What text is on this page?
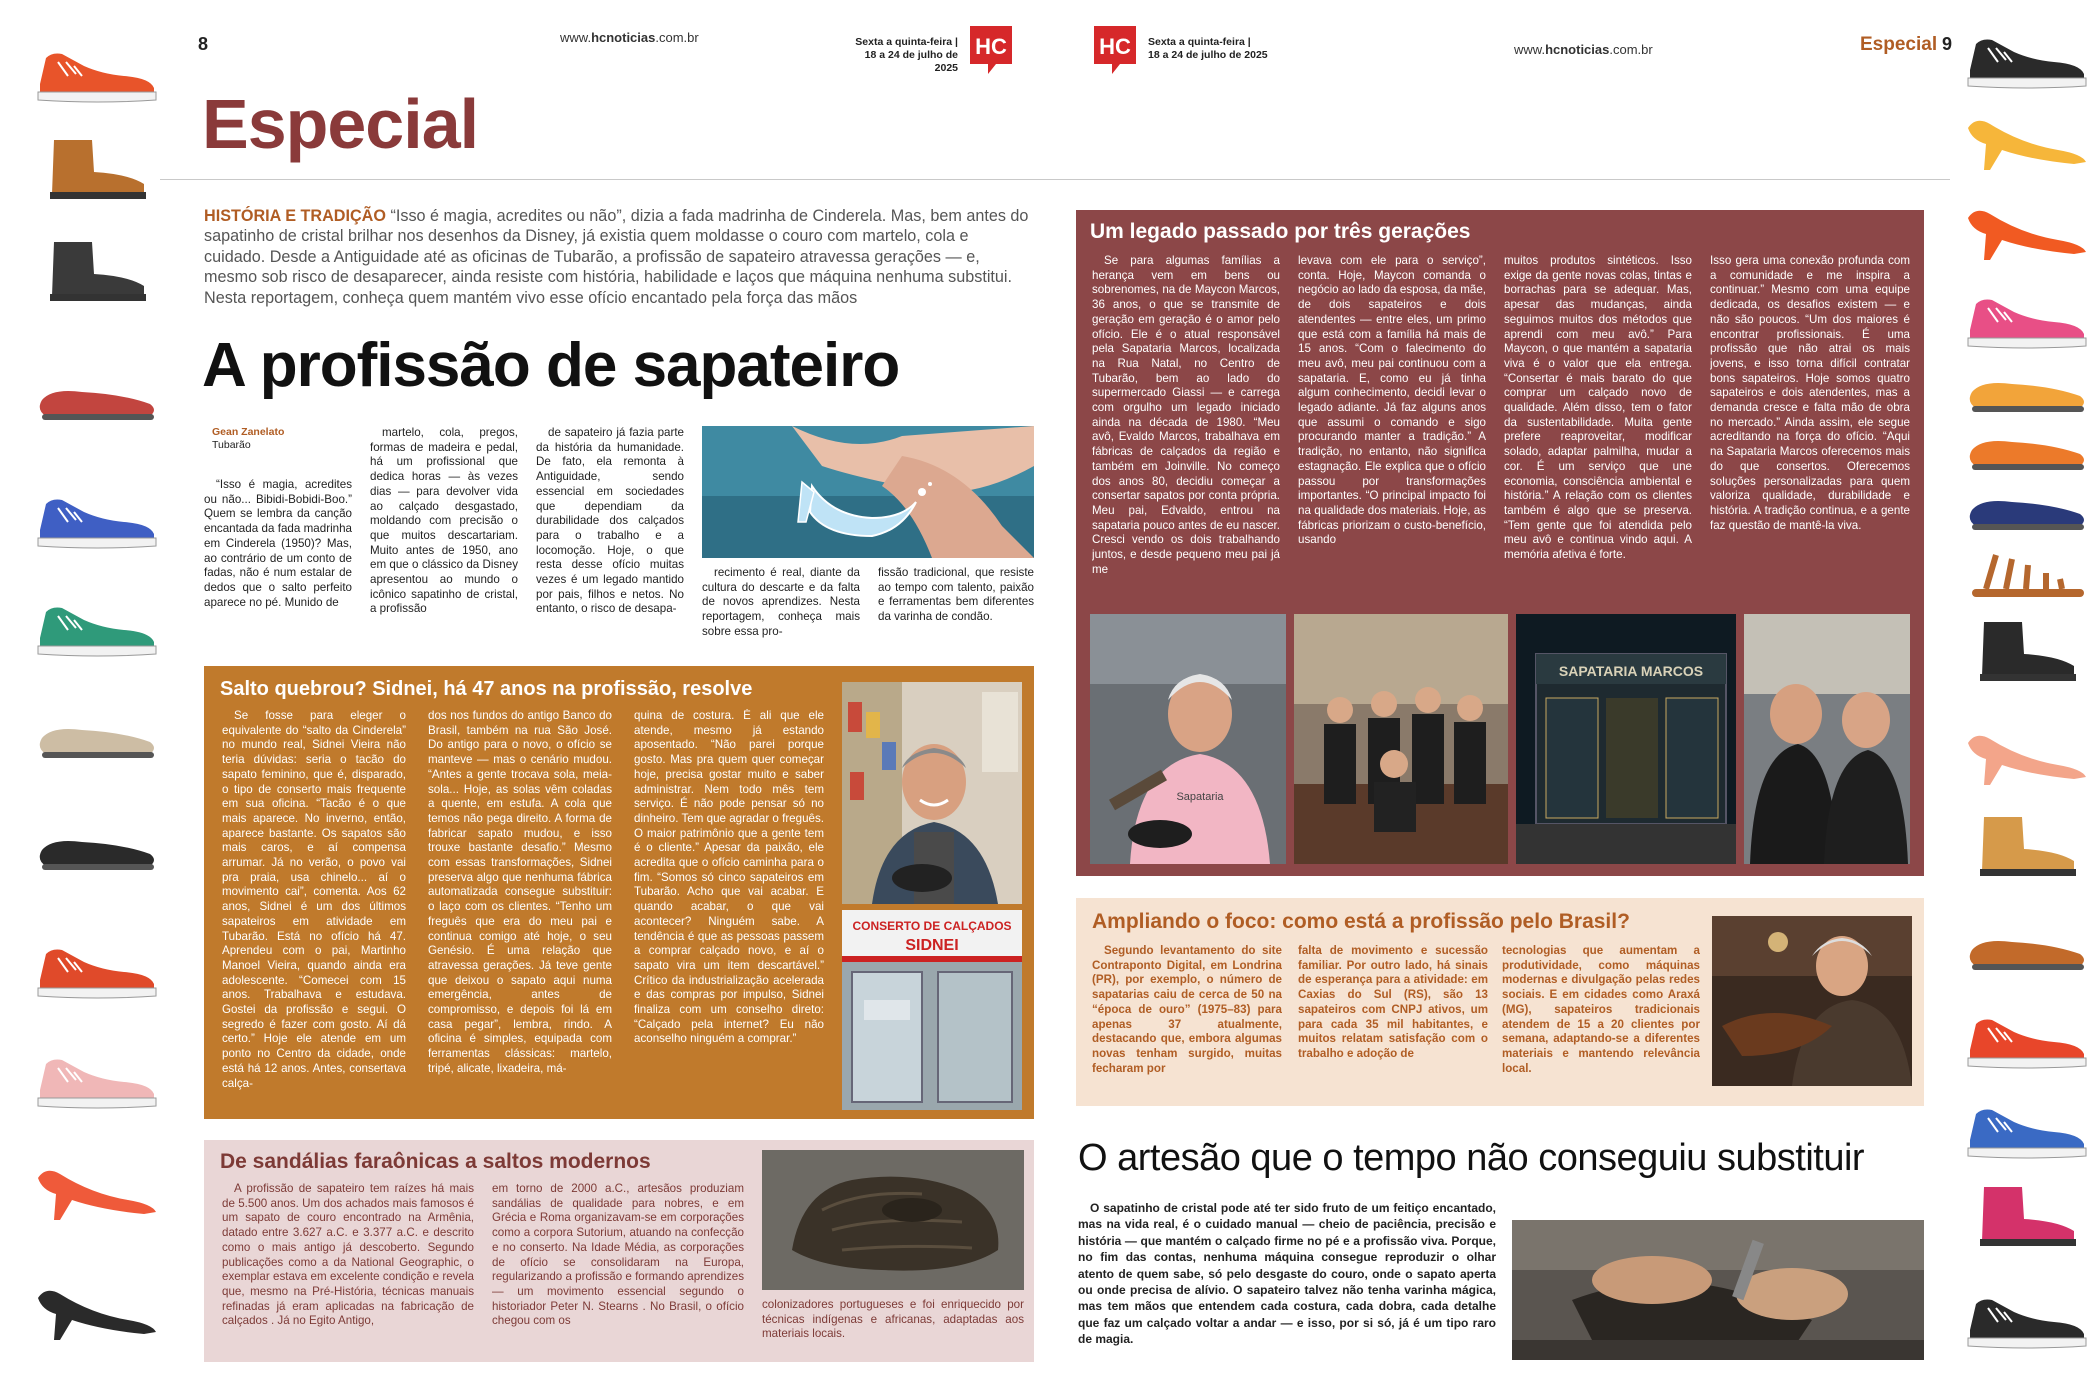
8	www.hcnoticias.com.br	Sexta a quinta-feira |
18 a 24 de julho de 2025
HC
Especial
HISTÓRIA E TRADIÇÃO “Isso é magia, acredites ou não”, dizia a fada madrinha de Cinderela. Mas, bem antes do sapatinho de cristal brilhar nos desenhos da Disney, já existia quem moldasse o couro com martelo, cola e cuidado. Desde a Antiguidade até as oficinas de Tubarão, a profissão de sapateiro atravessa gerações — e, mesmo sob risco de desaparecer, ainda resiste com história, habilidade e laços que máquina nenhuma substitui. Nesta reportagem, conheça quem mantém vivo esse ofício encantado pela força das mãos
A profissão de sapateiro
Gean Zanelato
Tubarão

“Isso é magia, acredites ou não... Bibidi-Bobidi-Boo.” Quem se lembra da canção encantada da fada madrinha em Cinderela (1950)? Mas, ao contrário de um conto de fadas, não é num estalar de dedos que o salto perfeito aparece no pé. Munido de

martelo, cola, pregos, formas de madeira e pedal, há um profissional que dedica horas — às vezes dias — para devolver vida ao calçado desgastado, moldando com precisão o que muitos descartariam. Muito antes de 1950, ano em que o clássico da Disney apresentou ao mundo o icônico sapatinho de cristal, a profissão

de sapateiro já fazia parte da história da humanidade. De fato, ela remonta à Antiguidade, sendo essencial em sociedades que dependiam da durabilidade dos calçados para o trabalho e a locomoção. Hoje, o que resta desse ofício muitas vezes é um legado mantido por pais, filhos e netos. No entanto, o risco de desapa-

recimento é real, diante da cultura do descarte e da falta de novos aprendizes. Nesta reportagem, conheça mais sobre essa pro-

fissão tradicional, que resiste ao tempo com talento, paixão e ferramentas bem diferentes da varinha de condão.

Salto quebrou? Sidnei, há 47 anos na profissão, resolve

Se fosse para eleger o equivalente do “salto da Cinderela” no mundo real, Sidnei Vieira não teria dúvidas: seria o tacão do sapato feminino, que é, disparado, o tipo de conserto mais frequente em sua oficina. “Tacão é o que mais aparece. No inverno, então, aparece bastante. Os sapatos são mais caros, e aí compensa arrumar. Já no verão, o povo vai pra praia, usa chinelo... aí o movimento cai”, comenta. Aos 62 anos, Sidnei é um dos últimos sapateiros em atividade em Tubarão. Está no ofício há 47. Aprendeu com o pai, Martinho Manoel Vieira, quando ainda era adolescente. “Comecei com 15 anos. Trabalhava e estudava. Gostei da profissão e segui. O segredo é fazer com gosto. Aí dá certo.” Hoje ele atende em um ponto no Centro da cidade, onde está há 12 anos. Antes, consertava calça-

dos nos fundos do antigo Banco do Brasil, também na rua São José. Do antigo para o novo, o ofício se manteve — mas o cenário mudou. “Antes a gente trocava sola, meia-sola... Hoje, as solas vêm coladas a quente, em estufa. A cola que temos não pega direito. A forma de fabricar sapato mudou, e isso trouxe bastante desafio.” Mesmo com essas transformações, Sidnei preserva algo que nenhuma fábrica automatizada consegue substituir: o laço com os clientes. “Tenho um freguês que era do meu pai e continua comigo até hoje, o seu Genésio. É uma relação que atravessa gerações. Já teve gente que deixou o sapato aqui numa emergência, antes de compromisso, e depois foi lá em casa pegar”, lembra, rindo. A oficina é simples, equipada com ferramentas clássicas: martelo, tripé, alicate, lixadeira, má-

quina de costura. É ali que ele atende, mesmo já estando aposentado. “Não parei porque gosto. Mas pra quem quer começar hoje, precisa gostar muito e saber administrar. Nem todo mês tem serviço. É não pode pensar só no dinheiro. Tem que agradar o freguês. O maior patrimônio que a gente tem é o cliente.” Apesar da paixão, ele acredita que o ofício caminha para o fim. “Somos só cinco sapateiros em Tubarão. Acho que vai acabar. E quando acabar, o que vai acontecer? Ninguém sabe. A tendência é que as pessoas passem a comprar calçado novo, e aí o sapato vira um item descartável.” Crítico da industrialização acelerada e das compras por impulso, Sidnei finaliza com um conselho direto: “Calçado pela internet? Eu não aconselho ninguém a comprar.”

CONSERTO DE CALÇADOS
SIDNEI
De sandálias faraônicas a saltos modernos

A profissão de sapateiro tem raízes há mais de 5.500 anos. Um dos achados mais famosos é um sapato de couro encontrado na Armênia, datado entre 3.627 a.C. e 3.377 a.C. e descrito como o mais antigo já descoberto. Segundo publicações como a da National Geographic, o exemplar estava em excelente condição e revela que, mesmo na Pré-História, técnicas manuais refinadas já eram aplicadas na fabricação de calçados . Já no Egito Antigo,

em torno de 2000 a.C., artesãos produziam sandálias de qualidade para nobres, e em Grécia e Roma organizavam-se em corporações como a corpora Sutorium, atuando na confecção e no conserto. Na Idade Média, as corporações de ofício se consolidaram na Europa, regularizando a profissão e formando aprendizes — um movimento essencial segundo o historiador Peter N. Stearns . No Brasil, o ofício chegou com os

colonizadores portugueses e foi enriquecido por técnicas indígenas e africanas, adaptadas aos materiais locais.

HC Sexta a quinta-feira |
18 a 24 de julho de 2025	www.hcnoticias.com.br	Especial 9
Um legado passado por três gerações

Se para algumas famílias a herança vem em bens ou sobrenomes, na de Maycon Marcos, 36 anos, o que se transmite de geração em geração é o amor pelo ofício. Ele é o atual responsável pela Sapataria Marcos, localizada na Rua Natal, no Centro de Tubarão, bem ao lado do supermercado Giassi — e carrega com orgulho um legado iniciado ainda na década de 1980. “Meu avô, Evaldo Marcos, trabalhava em fábricas de calçados da região e também em Joinville. No começo dos anos 80, decidiu começar a consertar sapatos por conta própria. Meu pai, Edvaldo, entrou na sapataria pouco antes de eu nascer. Cresci vendo os dois trabalhando juntos, e desde pequeno meu pai já me

levava com ele para o serviço”, conta. Hoje, Maycon comanda o negócio ao lado da esposa, da mãe, de dois sapateiros e dois atendentes — entre eles, um primo que está com a família há mais de 15 anos. “Com o falecimento do meu avô, meu pai continuou com a sapataria. E, como eu já tinha algum conhecimento, decidi levar o legado adiante. Já faz alguns anos que assumi o comando e sigo procurando manter a tradição.” A tradição, no entanto, não significa estagnação. Ele explica que o ofício passou por transformações importantes. “O principal impacto foi na qualidade dos materiais. Hoje, as fábricas priorizam o custo-benefício, usando

muitos produtos sintéticos. Isso exige da gente novas colas, tintas e borrachas para se adequar. Mas, apesar das mudanças, ainda seguimos muitos dos métodos que aprendi com meu avô.” Para Maycon, o que mantém a sapataria viva é o valor que ela entrega. “Consertar é mais barato do que comprar um calçado novo de qualidade. Além disso, tem o fator da sustentabilidade. Muita gente prefere reaproveitar, modificar solado, adaptar palmilha, mudar a cor. É um serviço que une economia, consciência ambiental e história.” A relação com os clientes também é algo que se preserva. “Tem gente que foi atendida pelo meu avô e continua vindo aqui. A memória afetiva é forte.

Isso gera uma conexão profunda com a comunidade e me inspira a continuar.” Mesmo com uma equipe dedicada, os desafios existem — e não são poucos. “Um dos maiores é encontrar profissionais. É uma profissão que não atrai os mais jovens, e isso torna difícil contratar bons sapateiros. Hoje somos quatro sapateiros e dois atendentes, mas a demanda cresce e falta mão de obra no mercado.” Ainda assim, ele segue acreditando na força do ofício. “Aqui na Sapataria Marcos oferecemos mais do que consertos. Oferecemos soluções personalizadas para quem valoriza qualidade, durabilidade e história. A tradição continua, e a gente faz questão de mantê-la viva.

Sapataria
SAPATARIA MARCOS
Ampliando o foco: como está a profissão pelo Brasil?

Segundo levantamento do site Contraponto Digital, em Londrina (PR), por exemplo, o número de sapatarias caiu de cerca de 50 na “época de ouro” (1975–83) para apenas 37 atualmente, destacando que, embora algumas novas tenham surgido, muitas fecharam por

falta de movimento e sucessão familiar. Por outro lado, há sinais de esperança para a atividade: em Caxias do Sul (RS), são 13 sapateiros com CNPJ ativos, um para cada 35 mil habitantes, e muitos relatam satisfação com o trabalho e adoção de

tecnologias que aumentam a produtividade, como máquinas modernas e divulgação pelas redes sociais. E em cidades como Araxá (MG), sapateiros tradicionais atendem de 15 a 20 clientes por semana, adaptando-se a diferentes materiais e mantendo relevância local.

O artesão que o tempo não conseguiu substituir

O sapatinho de cristal pode até ter sido fruto de um feitiço encantado, mas na vida real, é o cuidado manual — cheio de paciência, precisão e história — que mantém o calçado firme no pé e a profissão viva. Porque, no fim das contas, nenhuma máquina consegue reproduzir o olhar atento de quem sabe, só pelo desgaste do couro, onde o sapato aperta ou onde precisa de alívio. O sapateiro talvez não tenha varinha mágica, mas tem mãos que entendem cada costura, cada dobra, cada detalhe que faz um calçado voltar a andar — e isso, por si só, já é um tipo raro de magia.
